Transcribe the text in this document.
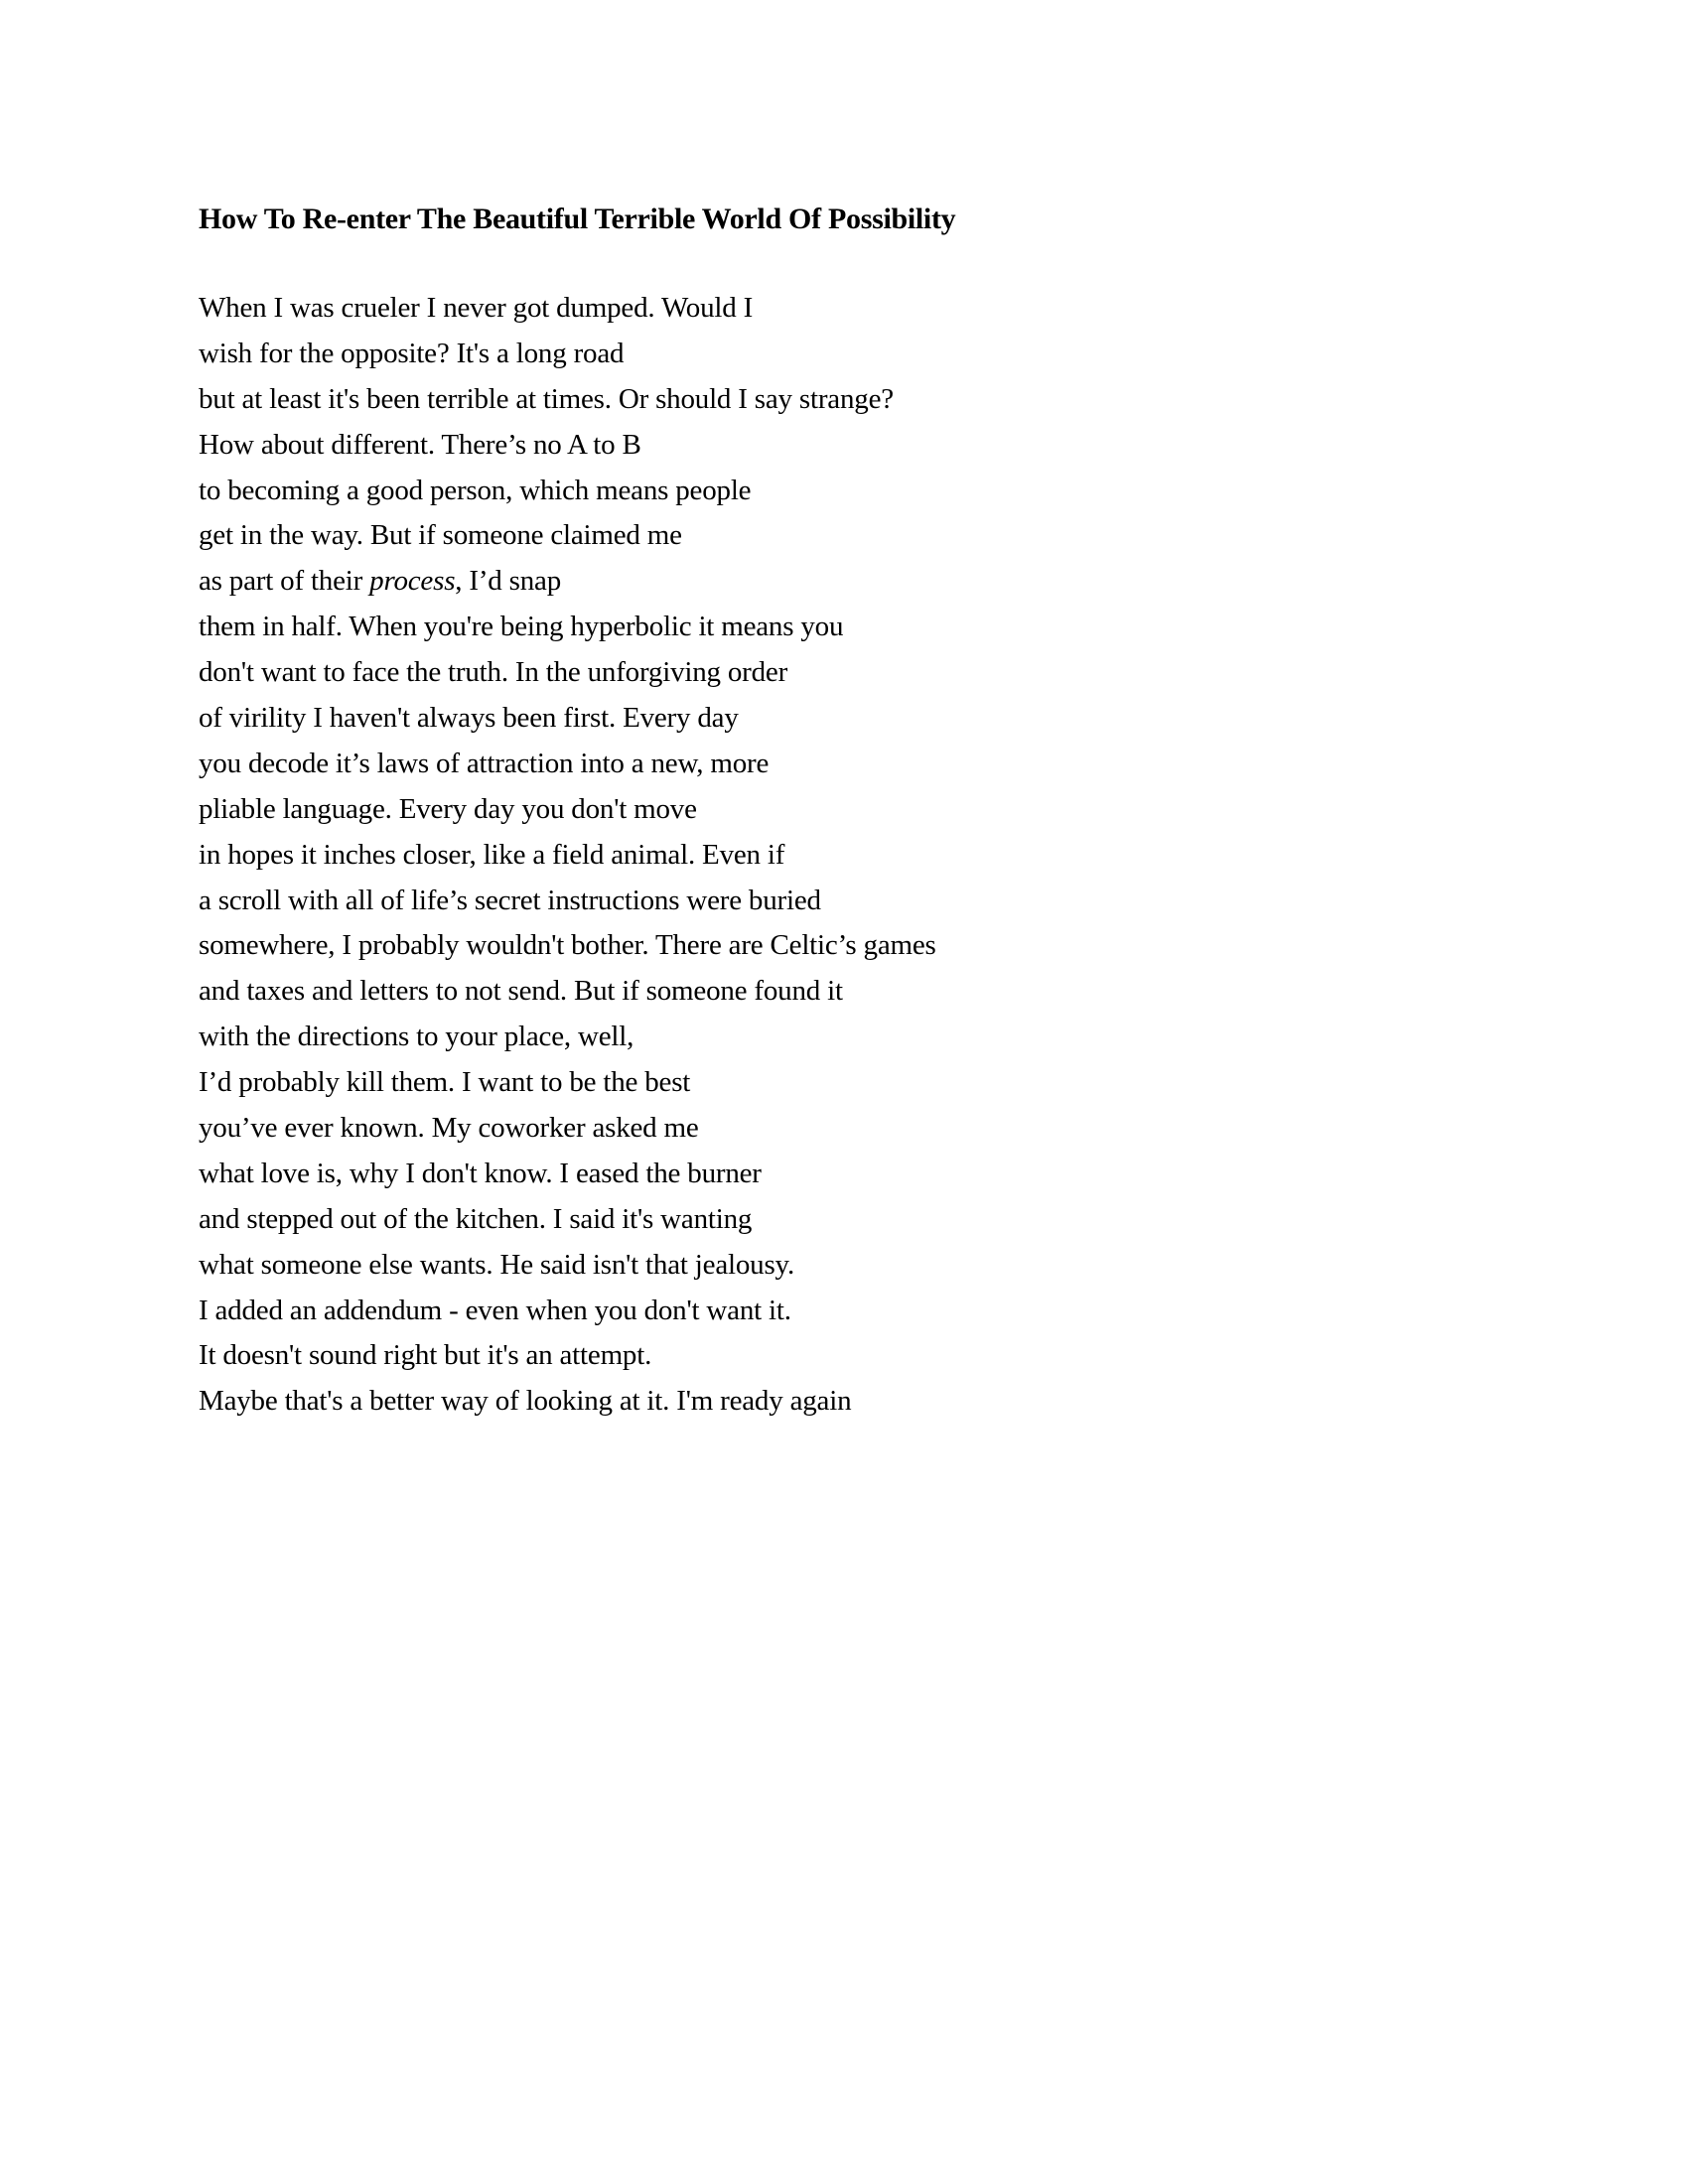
How To Re-enter The Beautiful Terrible World Of Possibility
When I was crueler I never got dumped. Would I
wish for the opposite? It's a long road
but at least it's been terrible at times. Or should I say strange?
How about different. There’s no A to B
to becoming a good person, which means people
get in the way. But if someone claimed me
as part of their process, I’d snap
them in half. When you're being hyperbolic it means you
don't want to face the truth. In the unforgiving order
of virility I haven't always been first. Every day
you decode it’s laws of attraction into a new, more
pliable language. Every day you don't move
in hopes it inches closer, like a field animal. Even if
a scroll with all of life’s secret instructions were buried
somewhere, I probably wouldn't bother. There are Celtic’s games
and taxes and letters to not send. But if someone found it
with the directions to your place, well,
I’d probably kill them. I want to be the best
you’ve ever known. My coworker asked me
what love is, why I don't know. I eased the burner
and stepped out of the kitchen. I said it's wanting
what someone else wants. He said isn't that jealousy.
I added an addendum - even when you don't want it.
It doesn't sound right but it's an attempt.
Maybe that's a better way of looking at it. I'm ready again
